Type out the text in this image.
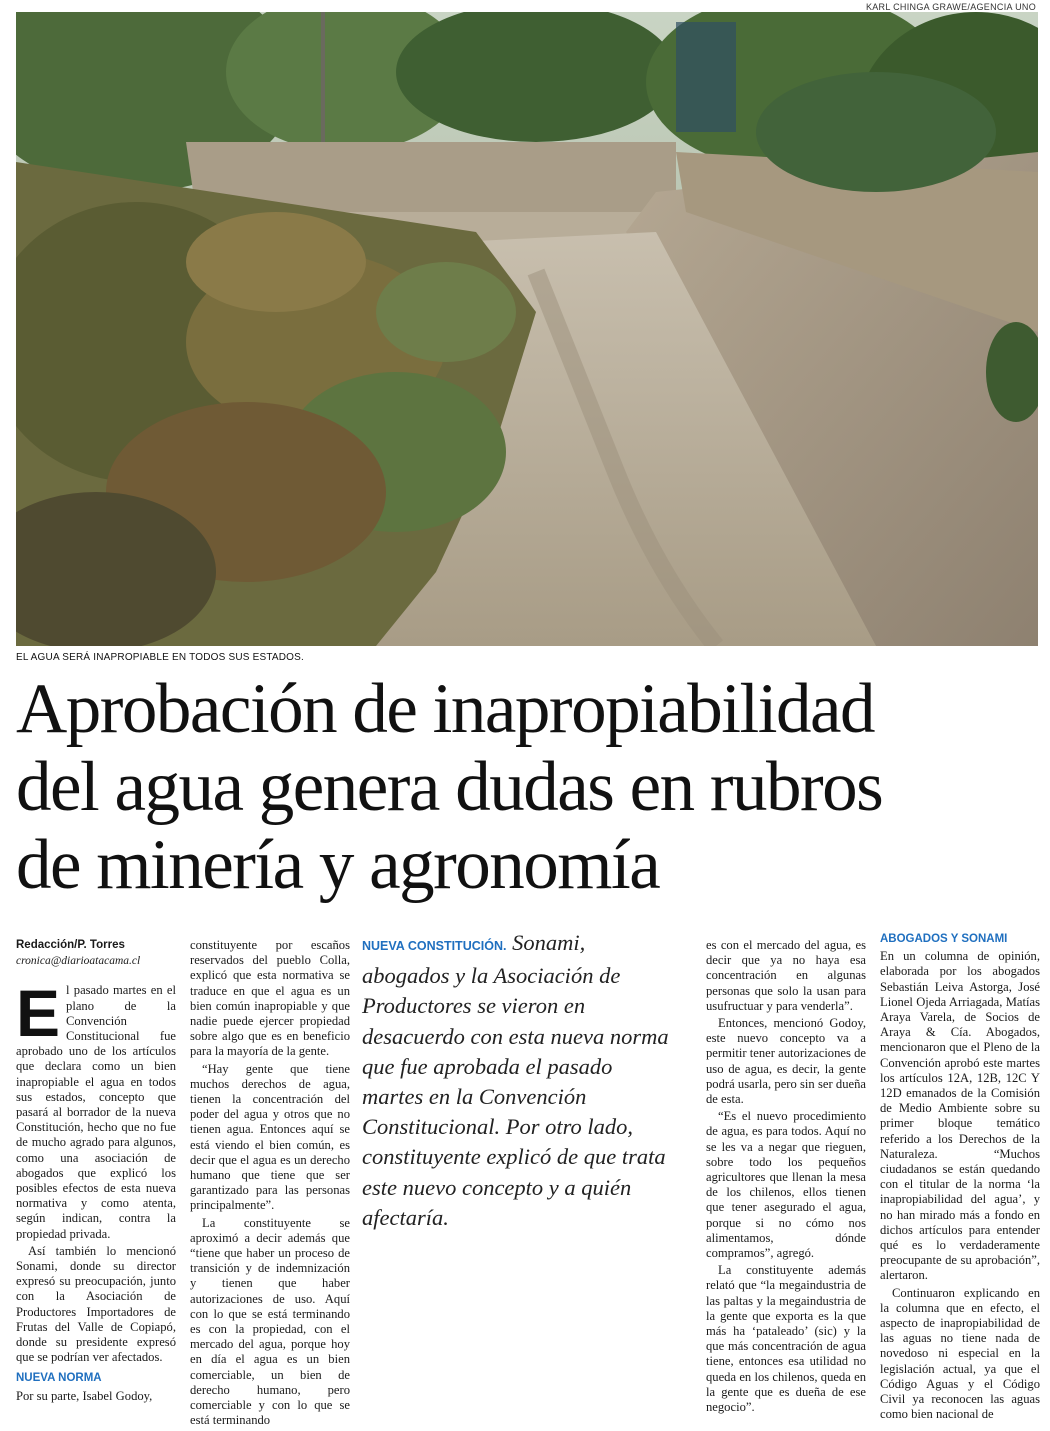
KARL CHINGA GRAWE/AGENCIA UNO
EL AGUA SERÁ INAPROPIABLE EN TODOS SUS ESTADOS.
Aprobación de inapropiabilidad
del agua genera dudas en rubros
de minería y agronomía
Redacción/P. Torres
cronica@diarioatacama.cl

El pasado martes en el plano de la Convención Constitucional fue aprobado uno de los artículos que declara como un bien inapropiable el agua en todos sus estados, concepto que pasará al borrador de la nueva Constitución, hecho que no fue de mucho agrado para algunos, como una asociación de abogados que explicó los posibles efectos de esta nueva normativa y como atenta, según indican, contra la propiedad privada.

Así también lo mencionó Sonami, donde su director expresó su preocupación, junto con la Asociación de Productores Importadores de Frutas del Valle de Copiapó, donde su presidente expresó que se podrían ver afectados.

NUEVA NORMA

Por su parte, Isabel Godoy,

constituyente por escaños reservados del pueblo Colla, explicó que esta normativa se traduce en que el agua es un bien común inapropiable y que nadie puede ejercer propiedad sobre algo que es en beneficio para la mayoría de la gente.

“Hay gente que tiene muchos derechos de agua, tienen la concentración del poder del agua y otros que no tienen agua. Entonces aquí se está viendo el bien común, es decir que el agua es un derecho humano que tiene que ser garantizado para las personas principalmente”.

La constituyente se aproximó a decir además que “tiene que haber un proceso de transición y de indemnización y tienen que haber autorizaciones de uso. Aquí con lo que se está terminando es con la propiedad, con el mercado del agua, porque hoy en día el agua es un bien comerciable, un bien de derecho humano, pero comerciable y con lo que se está terminando

NUEVA CONSTITUCIÓN. Sonami, abogados y la Asociación de Productores se vieron en desacuerdo con esta nueva norma que fue aprobada el pasado martes en la Convención Constitucional. Por otro lado, constituyente explicó de que trata este nuevo concepto y a quién afectaría.

es con el mercado del agua, es decir que ya no haya esa concentración en algunas personas que solo la usan para usufructuar y para venderla”.

Entonces, mencionó Godoy, este nuevo concepto va a permitir tener autorizaciones de uso de agua, es decir, la gente podrá usarla, pero sin ser dueña de esta.

“Es el nuevo procedimiento de agua, es para todos. Aquí no se les va a negar que rieguen, sobre todo los pequeños agricultores que llenan la mesa de los chilenos, ellos tienen que tener asegurado el agua, porque si no cómo nos alimentamos, dónde compramos”, agregó.

La constituyente además relató que “la megaindustria de las paltas y la megaindustria de la gente que exporta es la que más ha ‘pataleado’ (sic) y la que más concentración de agua tiene, entonces esa utilidad no queda en los chilenos, queda en la gente que es dueña de ese negocio”.

ABOGADOS Y SONAMI

En un columna de opinión, elaborada por los abogados Sebastián Leiva Astorga, José Lionel Ojeda Arriagada, Matías Araya Varela, de Socios de Araya & Cía. Abogados, mencionaron que el Pleno de la Convención aprobó este martes los artículos 12A, 12B, 12C Y 12D emanados de la Comisión de Medio Ambiente sobre su primer bloque temático referido a los Derechos de la Naturaleza. “Muchos ciudadanos se están quedando con el titular de la norma ‘la inapropiabilidad del agua’, y no han mirado más a fondo en dichos artículos para entender qué es lo verdaderamente preocupante de su aprobación”, alertaron.

Continuaron explicando en la columna que en efecto, el aspecto de inapropiabilidad de las aguas no tiene nada de novedoso ni especial en la legislación actual, ya que el Código Aguas y el Código Civil ya reconocen las aguas como bien nacional de
